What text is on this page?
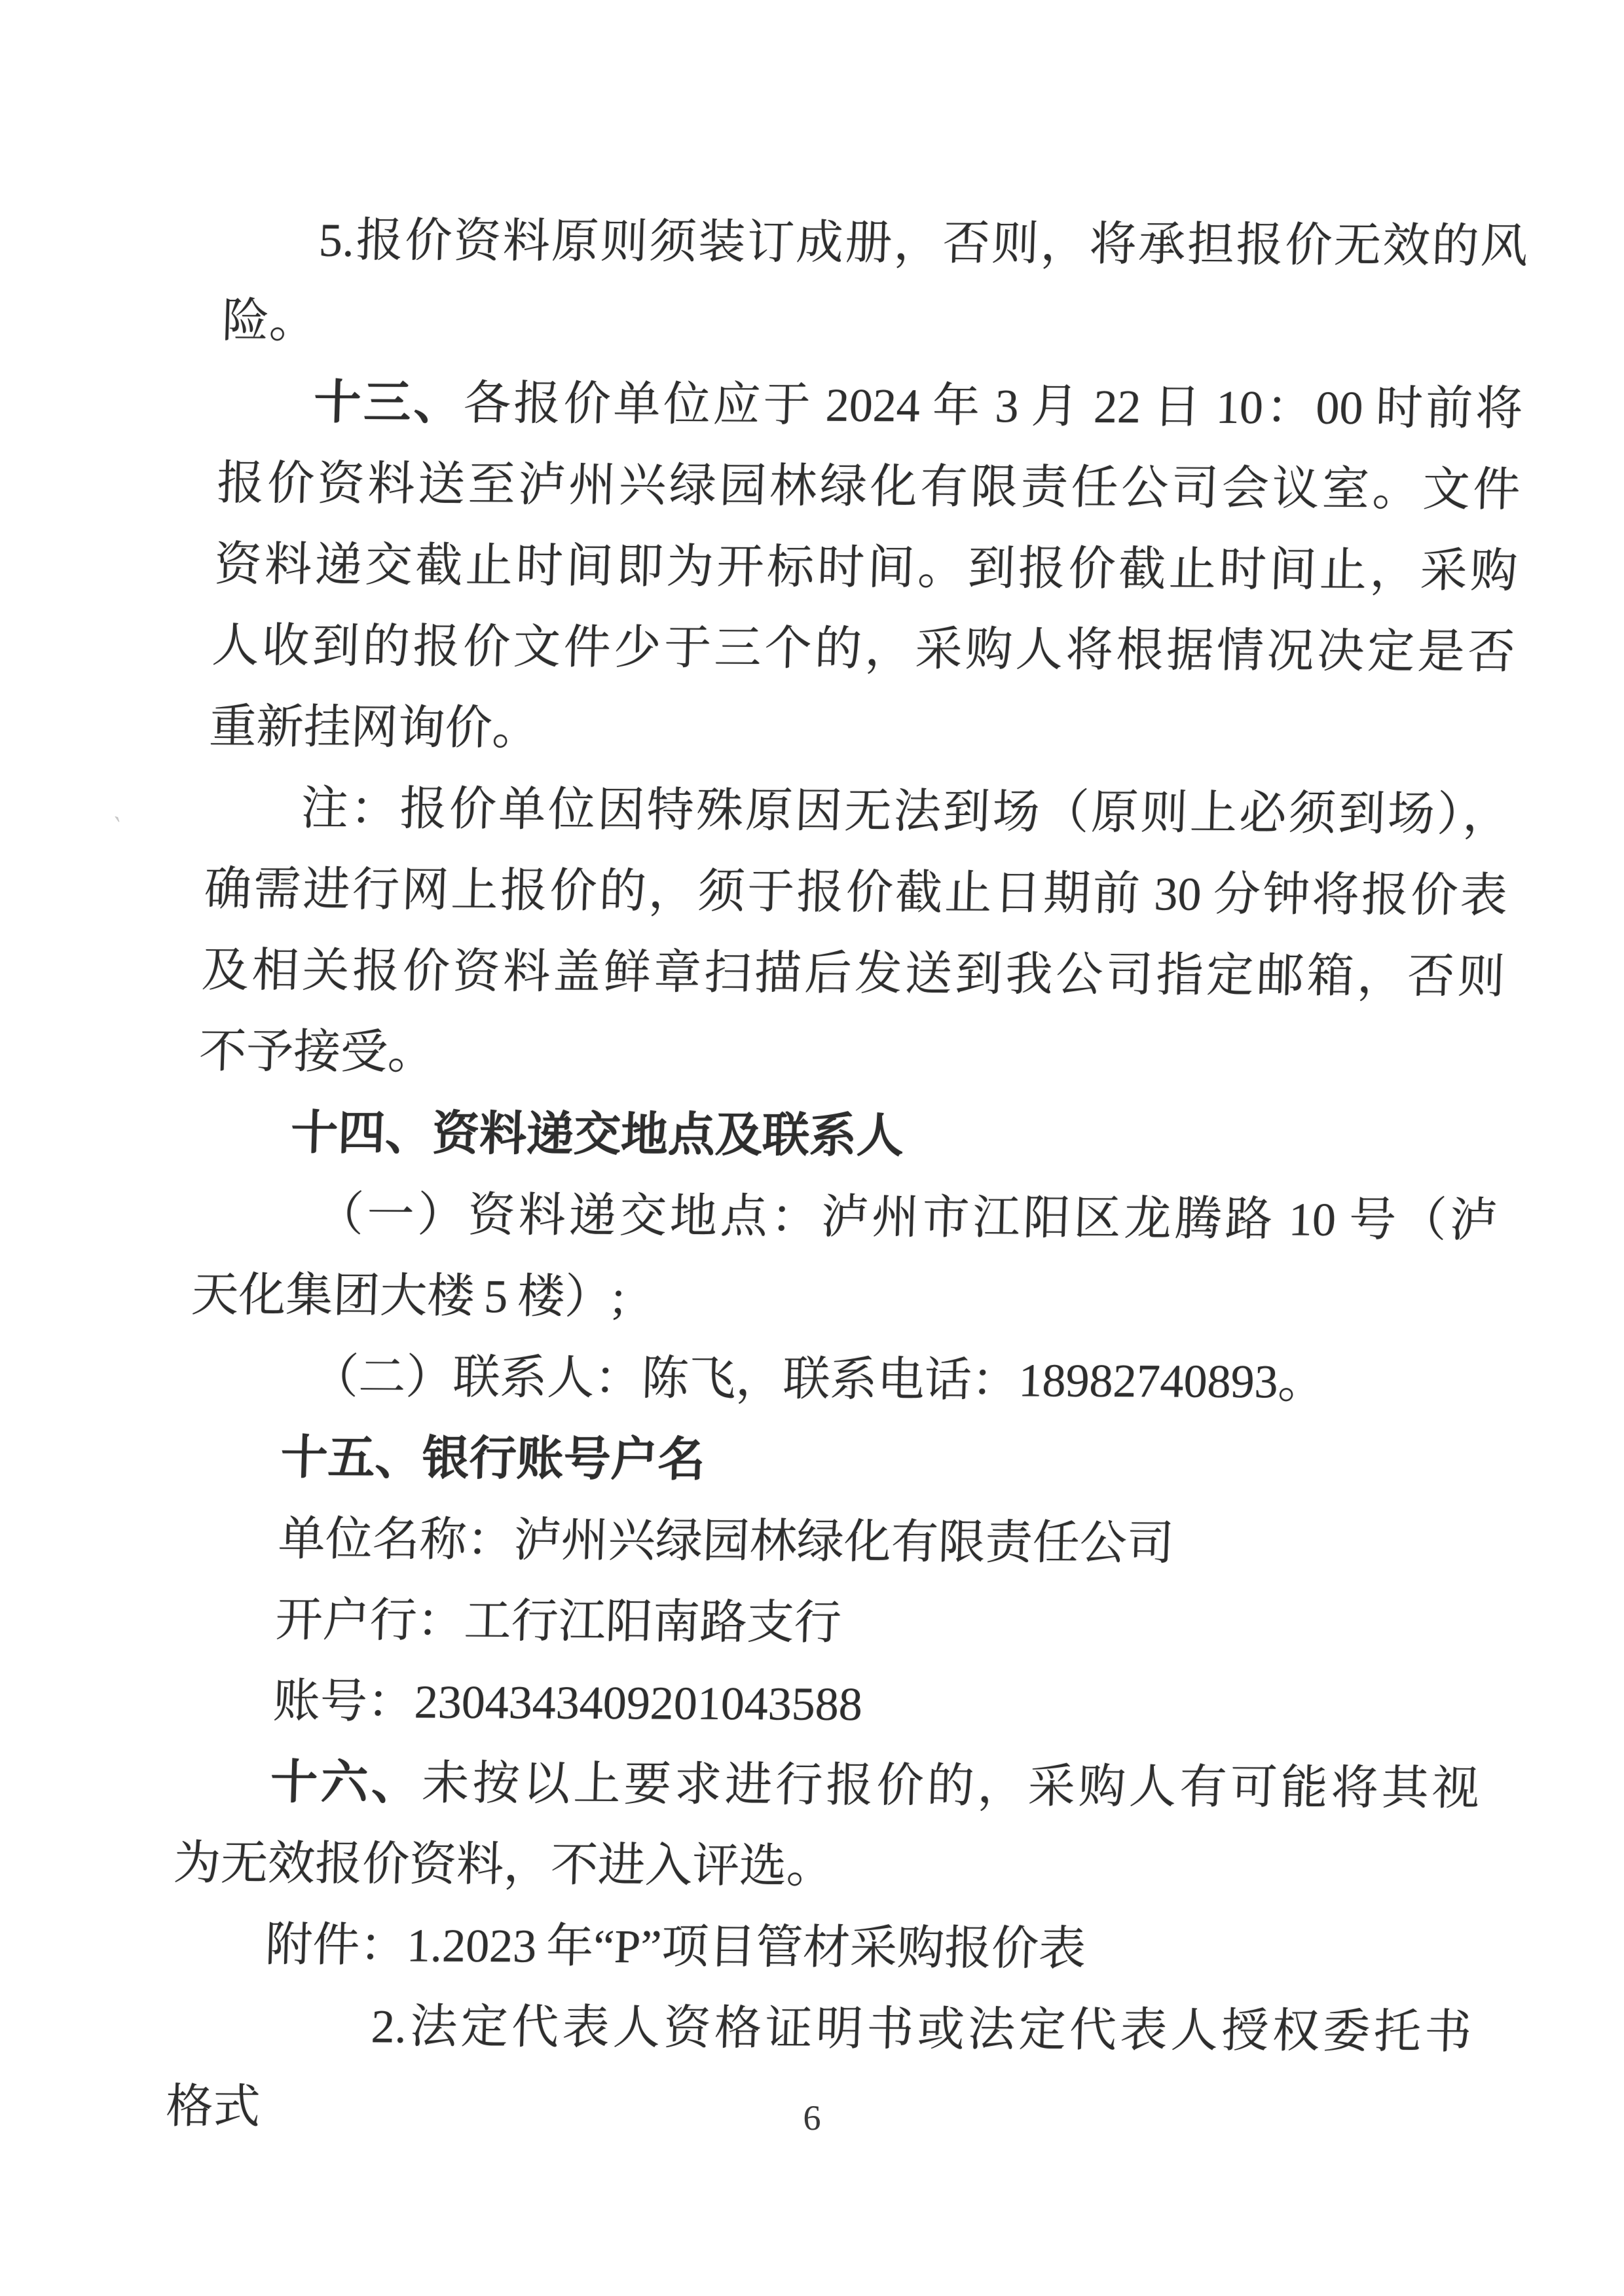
5.报价资料原则须装订成册，否则，将承担报价无效的风
险。
十三、各报价单位应于 2024 年 3 月 22 日 10：00 时前将
报价资料送至泸州兴绿园林绿化有限责任公司会议室。文件
资料递交截止时间即为开标时间。到报价截止时间止，采购
人收到的报价文件少于三个的，采购人将根据情况决定是否
重新挂网询价。
注：报价单位因特殊原因无法到场（原则上必须到场），
确需进行网上报价的，须于报价截止日期前 30 分钟将报价表
及相关报价资料盖鲜章扫描后发送到我公司指定邮箱，否则
不予接受。
十四、资料递交地点及联系人
（一）资料递交地点：泸州市江阳区龙腾路 10 号（泸
天化集团大楼 5 楼）;
（二）联系人：陈飞，联系电话：18982740893。
十五、银行账号户名
单位名称：泸州兴绿园林绿化有限责任公司
开户行：工行江阳南路支行
账号：2304343409201043588
十六、未按以上要求进行报价的，采购人有可能将其视
为无效报价资料，不进入评选。
附件：1.2023 年“P”项目管材采购报价表
2.法定代表人资格证明书或法定代表人授权委托书
格式
`
6
